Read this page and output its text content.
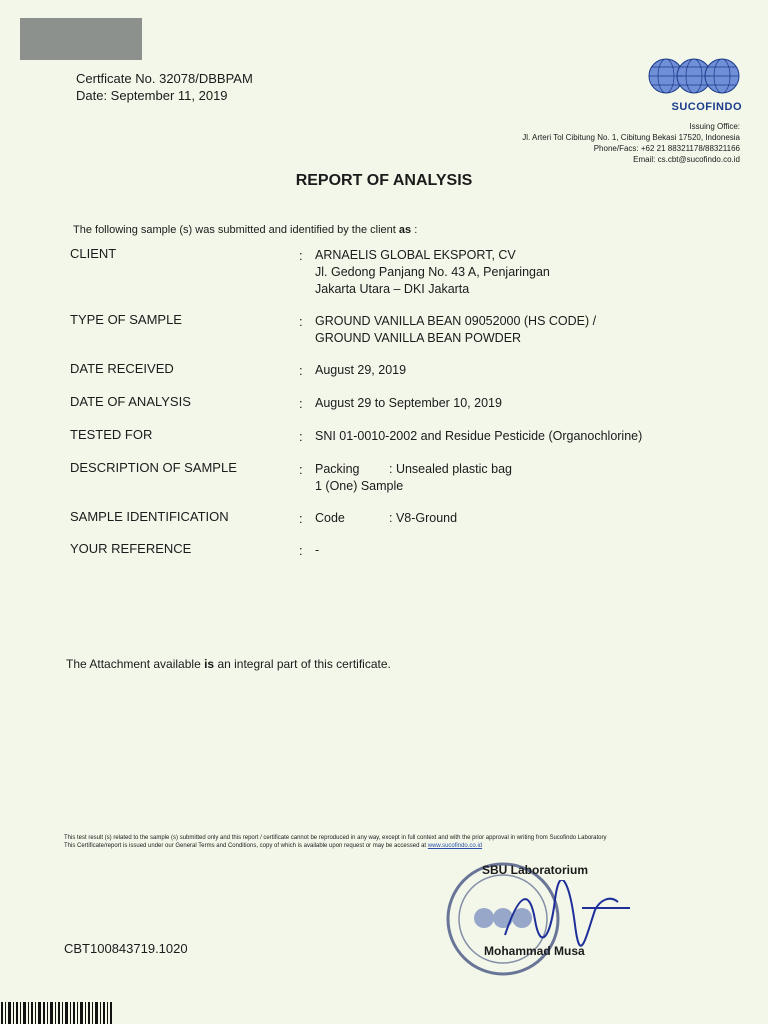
Certficate No. 32078/DBBPAM
Date: September 11, 2019
SUCOFINDO
Issuing Office:
Jl. Arteri Tol Cibitung No. 1, Cibitung Bekasi 17520, Indonesia
Phone/Facs: +62 21 88321178/88321166
Email: cs.cbt@sucofindo.co.id
REPORT OF ANALYSIS
The following sample (s) was submitted and identified by the client as :
CLIENT	: ARNAELIS GLOBAL EKSPORT, CV
Jl. Gedong Panjang No. 43 A, Penjaringan
Jakarta Utara – DKI Jakarta
TYPE OF SAMPLE	: GROUND VANILLA BEAN 09052000 (HS CODE) /
GROUND VANILLA BEAN POWDER
DATE RECEIVED	: August 29, 2019
DATE OF ANALYSIS	: August 29 to September 10, 2019
TESTED FOR	: SNI 01-0010-2002 and Residue Pesticide (Organochlorine)
DESCRIPTION OF SAMPLE	: Packing : Unsealed plastic bag
1 (One) Sample
SAMPLE IDENTIFICATION	: Code	: V8-Ground
YOUR REFERENCE	: -
The Attachment available is an integral part of this certificate.
This test result (s) related to the sample (s) submitted only and this report / certificate cannot be reproduced in any way, except in full context and with the prior approval in writing from Sucofindo Laboratory
This Certificate/report is issued under our General Terms and Conditions, copy of which is available upon request or may be accessed at www.sucofindo.co.id
SBU Laboratorium
Mohammad Musa
CBT100843719.1020
